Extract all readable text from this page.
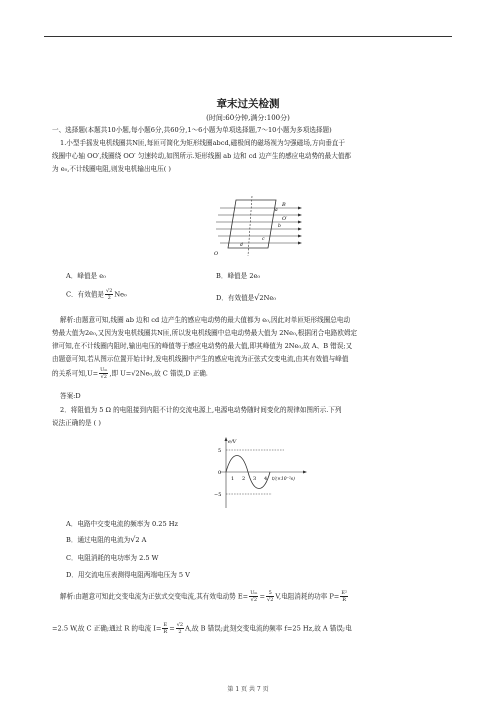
章末过关检测
(时间:60分钟,满分:100分)
一、选择题(本题共10小题,每小题6分,共60分,1～6小题为单项选择题,7～10小题为多项选择题)
1.小型手摇发电机线圈共N匝,每匝可简化为矩形线圈abcd,磁极间的磁场视为匀强磁场,方向垂直于
线圈中心轴 OO′,线圈绕 OO′ 匀速转动,如图所示.矩形线圈 ab 边和 cd 边产生的感应电动势的最大值都
为 e₀,不计线圈电阻,则发电机输出电压( )
B
O′
a
b
c
d
O
A．峰值是 e₀	B．峰值是 2e₀
C．有效值是 $\frac{√2}{2} Ne_0$	D．有效值是√2Ne₀
解析:由题意可知,线圈 ab 边和 cd 边产生的感应电动势的最大值都为 e₀,因此对单匝矩形线圈总电动
势最大值为2e₀,又因为发电机线圈共N匝,所以发电机线圈中总电动势最大值为 2Ne₀,根据闭合电路欧姆定
律可知,在不计线圈内阻时,输出电压的峰值等于感应电动势的最大值,即其峰值为 2Ne₀,故 A、B 错误;又
由题意可知,若从图示位置开始计时,发电机线圈中产生的感应电流为正弦式交变电流,由其有效值与峰值
的关系可知$,U= \frac{\text{Uₘ}}{√2}$ ,即 U=√2Ne₀,故 C 错误,D 正确.
答案:D
2．将阻值为 5 Ω 的电阻接到内阻不计的交流电源上,电源电动势随时间变化的规律如图所示.下列
说法正确的是 ( )
e/V
t/(×10⁻²s)
5
0
−5
1 2 3 4
A．电路中交变电流的频率为 0.25 Hz
B．通过电阻的电流为√2 A
C．电阻消耗的电功率为 2.5 W
D．用交流电压表测得电阻两端电压为 5 V
解析:由题意可知此交变电流为正弦式交变电流,其有效电动势 $E= \frac{\text{Uₘ}}{√2} = \frac{5}{√2} V$,电阻消耗的功率 $P= \frac{\text{E²}}{R}$
=2.5 W,故 C 正确;通过 R 的电流 $I= \frac{E}{R} = \frac{√2}{2} A$,故 B 错误;此刻交变电流的频率 f=25 Hz,故 A 错误;电
第 1 页 共 7 页
